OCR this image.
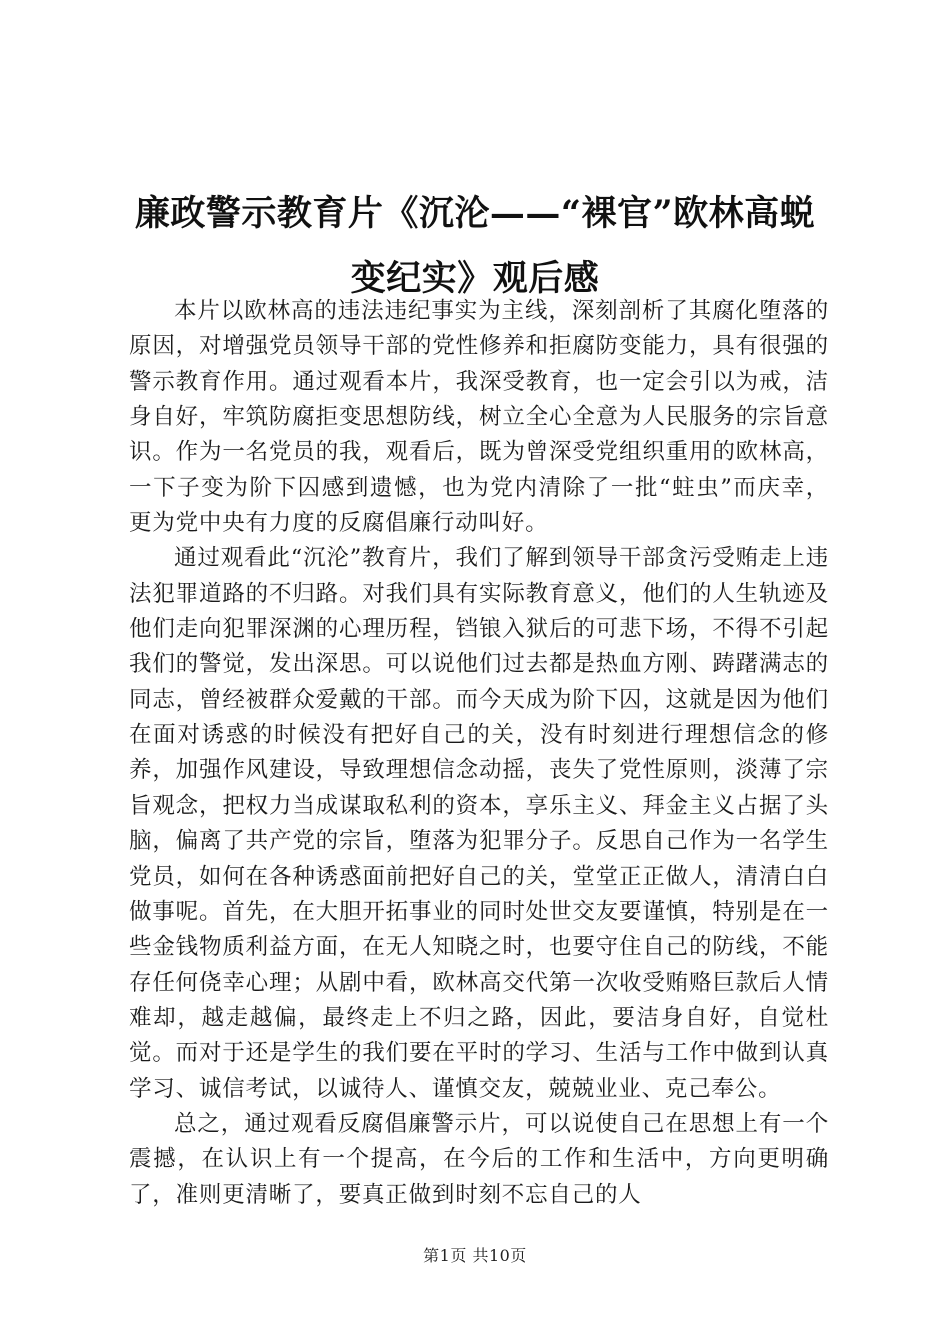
廉政警示教育片《沉沦——“裸官”欧林高蜕
变纪实》观后感

本片以欧林高的违法违纪事实为主线，深刻剖析了其腐化堕落的原因，对增强党员领导干部的党性修养和拒腐防变能力，具有很强的警示教育作用。通过观看本片，我深受教育，也一定会引以为戒，洁身自好，牢筑防腐拒变思想防线，树立全心全意为人民服务的宗旨意识。作为一名党员的我，观看后，既为曾深受党组织重用的欧林高，一下子变为阶下囚感到遗憾，也为党内清除了一批“蛀虫”而庆幸，更为党中央有力度的反腐倡廉行动叫好。

通过观看此“沉沦”教育片，我们了解到领导干部贪污受贿走上违法犯罪道路的不归路。对我们具有实际教育意义，他们的人生轨迹及他们走向犯罪深渊的心理历程，铛锒入狱后的可悲下场，不得不引起我们的警觉，发出深思。可以说他们过去都是热血方刚、踌躇满志的同志，曾经被群众爱戴的干部。而今天成为阶下囚，这就是因为他们在面对诱惑的时候没有把好自己的关，没有时刻进行理想信念的修养，加强作风建设，导致理想信念动摇，丧失了党性原则，淡薄了宗旨观念，把权力当成谋取私利的资本，享乐主义、拜金主义占据了头脑，偏离了共产党的宗旨，堕落为犯罪分子。反思自己作为一名学生党员，如何在各种诱惑面前把好自己的关，堂堂正正做人，清清白白做事呢。首先，在大胆开拓事业的同时处世交友要谨慎，特别是在一些金钱物质利益方面，在无人知晓之时，也要守住自己的防线，不能存任何侥幸心理；从剧中看，欧林高交代第一次收受贿赂巨款后人情难却，越走越偏，最终走上不归之路，因此，要洁身自好，自觉杜觉。而对于还是学生的我们要在平时的学习、生活与工作中做到认真学习、诚信考试，以诚待人、谨慎交友，兢兢业业、克己奉公。

总之，通过观看反腐倡廉警示片，可以说使自己在思想上有一个震撼，在认识上有一个提高，在今后的工作和生活中，方向更明确了，准则更清晰了，要真正做到时刻不忘自己的人

第1页 共10页
